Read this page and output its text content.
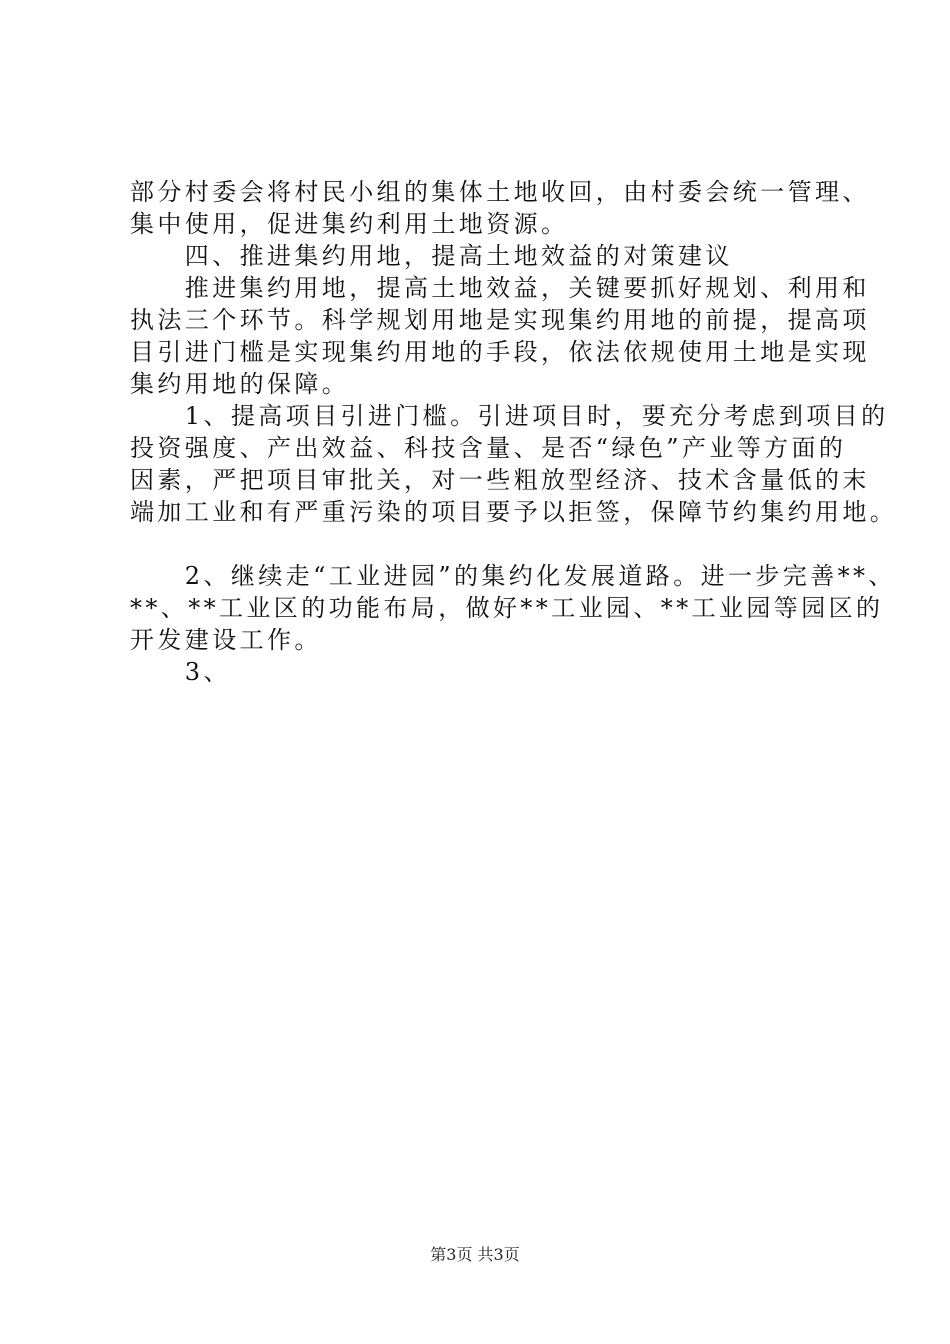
部分村委会将村民小组的集体土地收回，由村委会统一管理、
集中使用，促进集约利用土地资源。
　　四、推进集约用地，提高土地效益的对策建议
　　推进集约用地，提高土地效益，关键要抓好规划、利用和
执法三个环节。科学规划用地是实现集约用地的前提，提高项
目引进门槛是实现集约用地的手段，依法依规使用土地是实现
集约用地的保障。
　　1、提高项目引进门槛。引进项目时，要充分考虑到项目的
投资强度、产出效益、科技含量、是否“绿色”产业等方面的
因素，严把项目审批关，对一些粗放型经济、技术含量低的末
端加工业和有严重污染的项目要予以拒签，保障节约集约用地。
　　2、继续走“工业进园”的集约化发展道路。进一步完善**、
**、**工业区的功能布局，做好**工业园、**工业园等园区的
开发建设工作。
　　3、
第3页 共3页
